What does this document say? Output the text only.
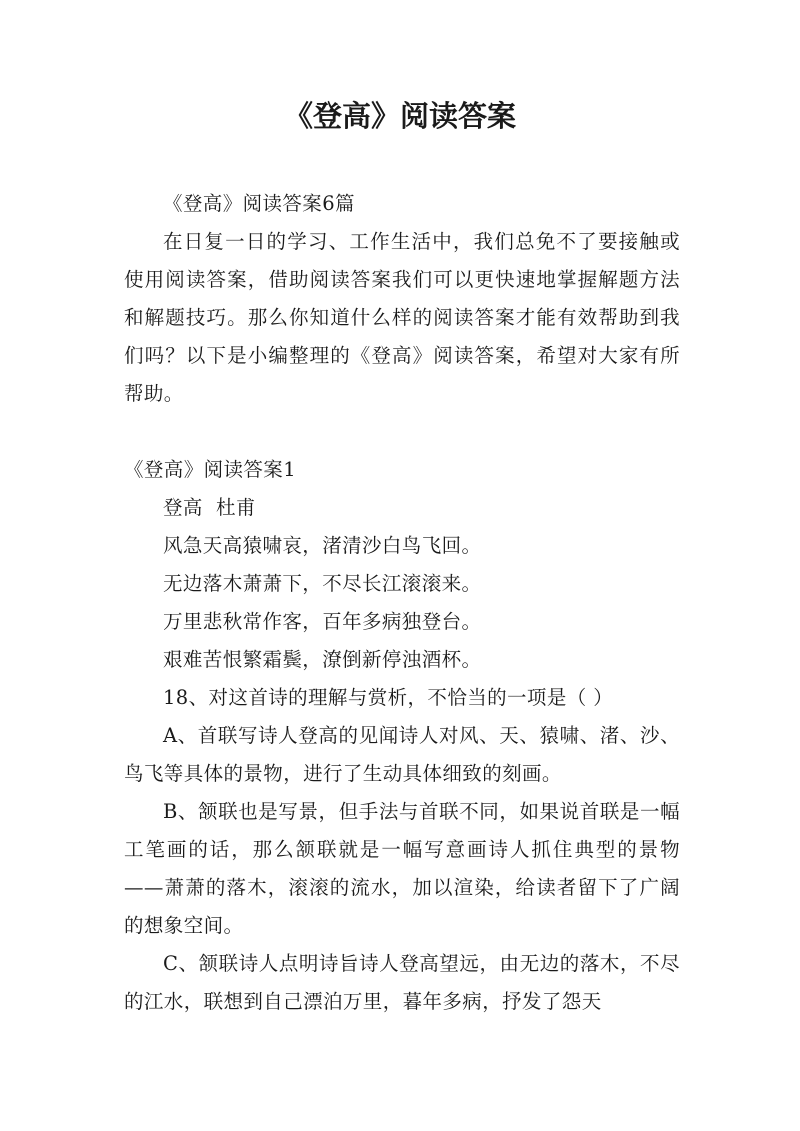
《登高》阅读答案

《登高》阅读答案6篇

在日复一日的学习、工作生活中，我们总免不了要接触或使用阅读答案，借助阅读答案我们可以更快速地掌握解题方法和解题技巧。那么你知道什么样的阅读答案才能有效帮助到我们吗？以下是小编整理的《登高》阅读答案，希望对大家有所帮助。

《登高》阅读答案1

登高  杜甫

风急天高猿啸哀，渚清沙白鸟飞回。

无边落木萧萧下，不尽长江滚滚来。

万里悲秋常作客，百年多病独登台。

艰难苦恨繁霜鬓，潦倒新停浊酒杯。

18、对这首诗的理解与赏析，不恰当的一项是（ ）

A、首联写诗人登高的见闻诗人对风、天、猿啸、渚、沙、鸟飞等具体的景物，进行了生动具体细致的刻画。

B、颔联也是写景，但手法与首联不同，如果说首联是一幅工笔画的话，那么颔联就是一幅写意画诗人抓住典型的景物——萧萧的落木，滚滚的流水，加以渲染，给读者留下了广阔的想象空间。

C、颔联诗人点明诗旨诗人登高望远，由无边的落木，不尽的江水，联想到自己漂泊万里，暮年多病，抒发了怨天
